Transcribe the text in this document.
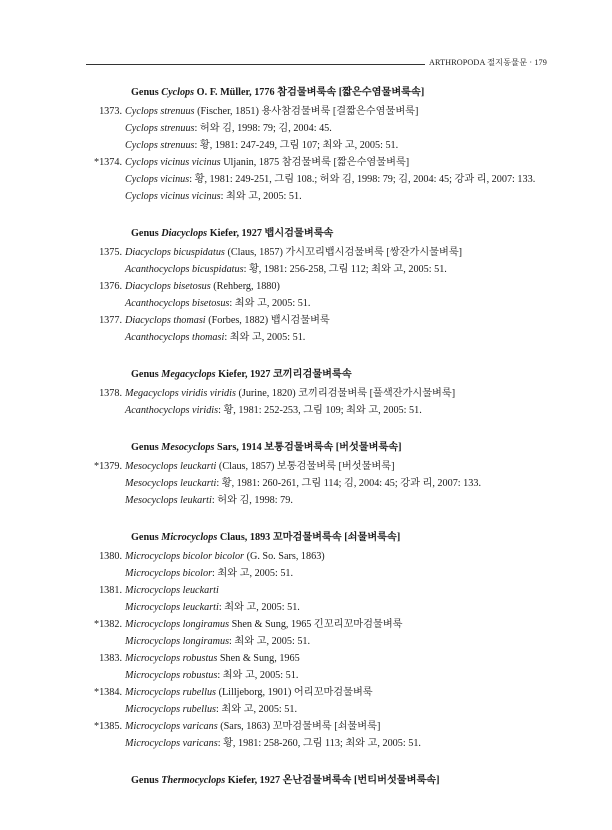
ARTHROPODA 절지동물문 · 179
Genus Cyclops O. F. Müller, 1776 참검물벼룩속 [짧은수염물벼룩속]
1373. Cyclops strenuus (Fischer, 1851) 용사참검물벼룩 [결짧은수염물벼룩]
Cyclops strenuus: 허와 김, 1998: 79; 김, 2004: 45.
Cyclops strenuus: 황, 1981: 247-249, 그림 107; 최와 고, 2005: 51.
*1374. Cyclops vicinus vicinus Uljanin, 1875 참검물벼룩 [짧은수염물벼룩]
Cyclops vicinus: 황, 1981: 249-251, 그림 108.; 허와 김, 1998: 79; 김, 2004: 45; 강과 리, 2007: 133.
Cyclops vicinus vicinus: 최와 고, 2005: 51.
Genus Diacyclops Kiefer, 1927 뱁시검물벼룩속
1375. Diacyclops bicuspidatus (Claus, 1857) 가시꼬리뱁시검물벼룩 [쌍잔가시물벼룩]
Acanthocyclops bicuspidatus: 황, 1981: 256-258, 그림 112; 최와 고, 2005: 51.
1376. Diacyclops bisetosus (Rehberg, 1880)
Acanthocyclops bisetosus: 최와 고, 2005: 51.
1377. Diacyclops thomasi (Forbes, 1882) 뱁시검물벼룩
Acanthocyclops thomasi: 최와 고, 2005: 51.
Genus Megacyclops Kiefer, 1927 코끼리검물벼룩속
1378. Megacyclops viridis viridis (Jurine, 1820) 코끼리검물벼룩 [풀색잔가시물벼룩]
Acanthocyclops viridis: 황, 1981: 252-253, 그림 109; 최와 고, 2005: 51.
Genus Mesocyclops Sars, 1914 보통검물벼룩속 [버섯물벼룩속]
*1379. Mesocyclops leuckarti (Claus, 1857) 보통검물벼룩 [버섯물벼룩]
Mesocyclops leuckarti: 황, 1981: 260-261, 그림 114; 김, 2004: 45; 강과 리, 2007: 133.
Mesocyclops leukarti: 허와 김, 1998: 79.
Genus Microcyclops Claus, 1893 꼬마검물벼룩속 [쇠물벼룩속]
1380. Microcyclops bicolor bicolor (G. So. Sars, 1863)
Microcyclops bicolor: 최와 고, 2005: 51.
1381. Microcyclops leuckarti
Microcyclops leuckarti: 최와 고, 2005: 51.
*1382. Microcyclops longiramus Shen & Sung, 1965 긴꼬리꼬마검물벼룩
Microcyclops longiramus: 최와 고, 2005: 51.
1383. Microcyclops robustus Shen & Sung, 1965
Microcyclops robustus: 최와 고, 2005: 51.
*1384. Microcyclops rubellus (Lilljeborg, 1901) 어리꼬마검물벼룩
Microcyclops rubellus: 최와 고, 2005: 51.
*1385. Microcyclops varicans (Sars, 1863) 꼬마검물벼룩 [쇠물벼룩]
Microcyclops varicans: 황, 1981: 258-260, 그림 113; 최와 고, 2005: 51.
Genus Thermocyclops Kiefer, 1927 온난검물벼룩속 [번티버섯물벼룩속]
